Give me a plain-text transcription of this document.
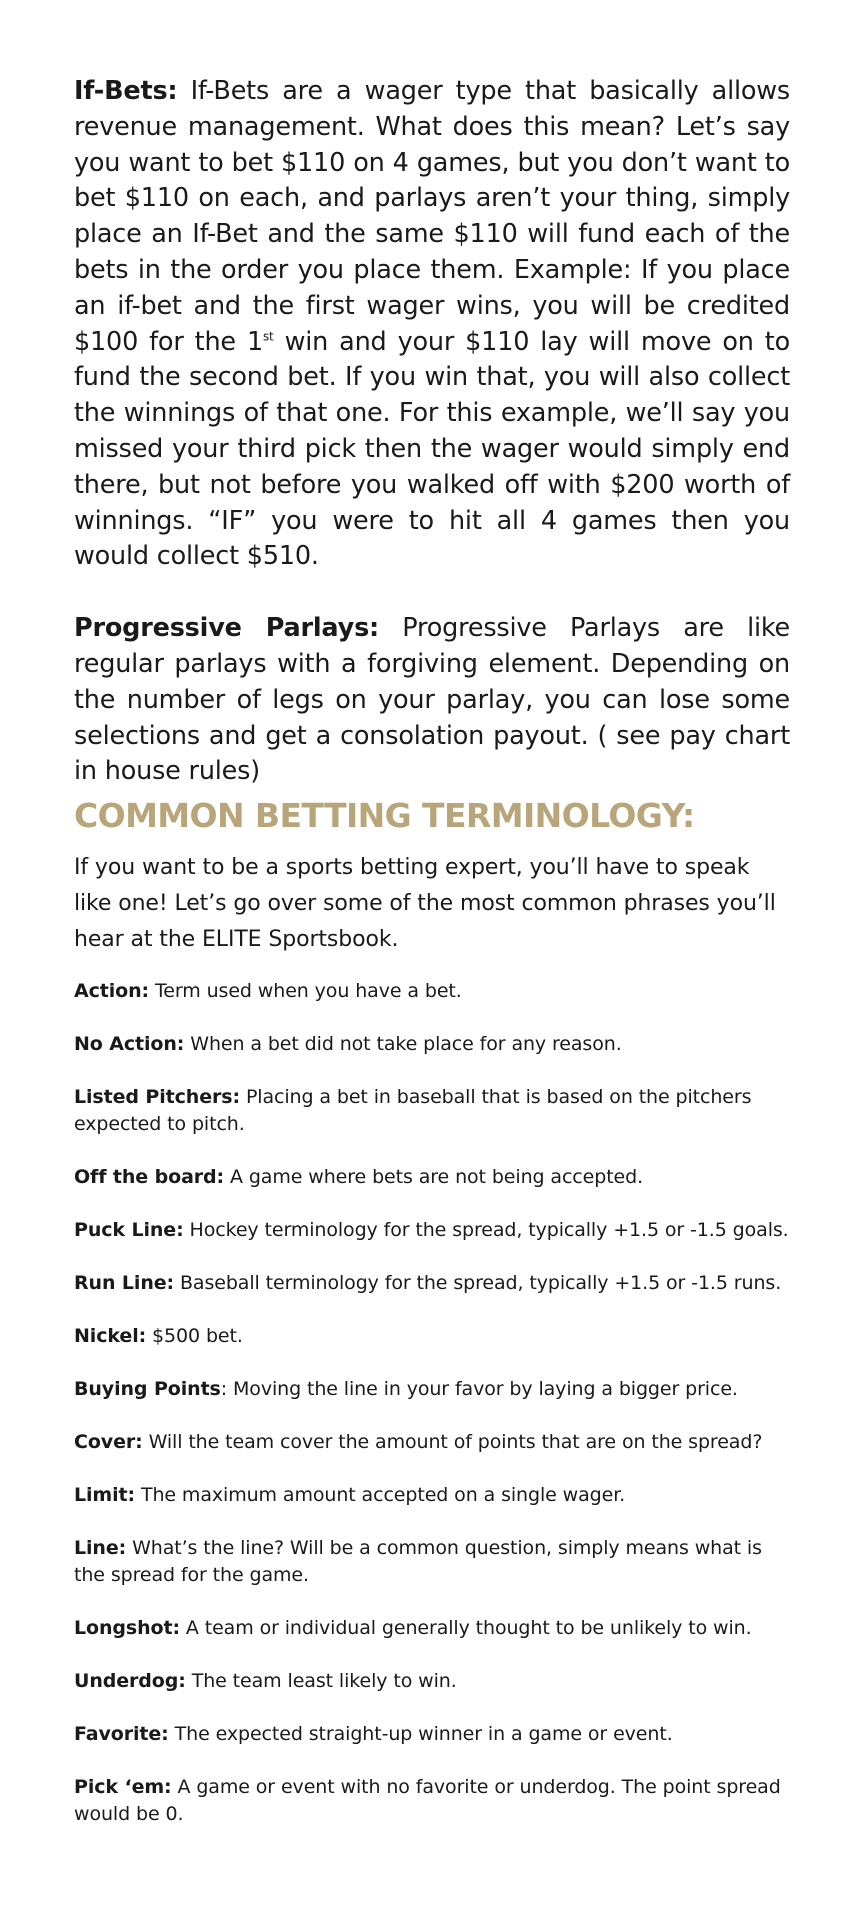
If-Bets: If-Bets are a wager type that basically allows revenue management. What does this mean? Let’s say you want to bet $110 on 4 games, but you don’t want to bet $110 on each, and parlays aren’t your thing, simply place an If-Bet and the same $110 will fund each of the bets in the order you place them. Example: If you place an if-bet and the first wager wins, you will be credited $100 for the 1st win and your $110 lay will move on to fund the second bet. If you win that, you will also collect the winnings of that one. For this example, we’ll say you missed your third pick then the wager would simply end there, but not before you walked off with $200 worth of winnings. “IF” you were to hit all 4 games then you would collect $510.

Progressive Parlays: Progressive Parlays are like regular parlays with a forgiving element. Depending on the number of legs on your parlay, you can lose some selections and get a consolation payout. ( see pay chart in house rules)

COMMON BETTING TERMINOLOGY:

If you want to be a sports betting expert, you’ll have to speak like one! Let’s go over some of the most common phrases you’ll hear at the ELITE Sportsbook.

Action: Term used when you have a bet.

No Action: When a bet did not take place for any reason.

Listed Pitchers: Placing a bet in baseball that is based on the pitchers expected to pitch.

Off the board: A game where bets are not being accepted.

Puck Line: Hockey terminology for the spread, typically +1.5 or -1.5 goals.

Run Line: Baseball terminology for the spread, typically +1.5 or -1.5 runs.

Nickel: $500 bet.

Buying Points: Moving the line in your favor by laying a bigger price.

Cover: Will the team cover the amount of points that are on the spread?

Limit: The maximum amount accepted on a single wager.

Line: What’s the line? Will be a common question, simply means what is the spread for the game.

Longshot: A team or individual generally thought to be unlikely to win.

Underdog: The team least likely to win.

Favorite: The expected straight-up winner in a game or event.

Pick ‘em: A game or event with no favorite or underdog. The point spread would be 0.
